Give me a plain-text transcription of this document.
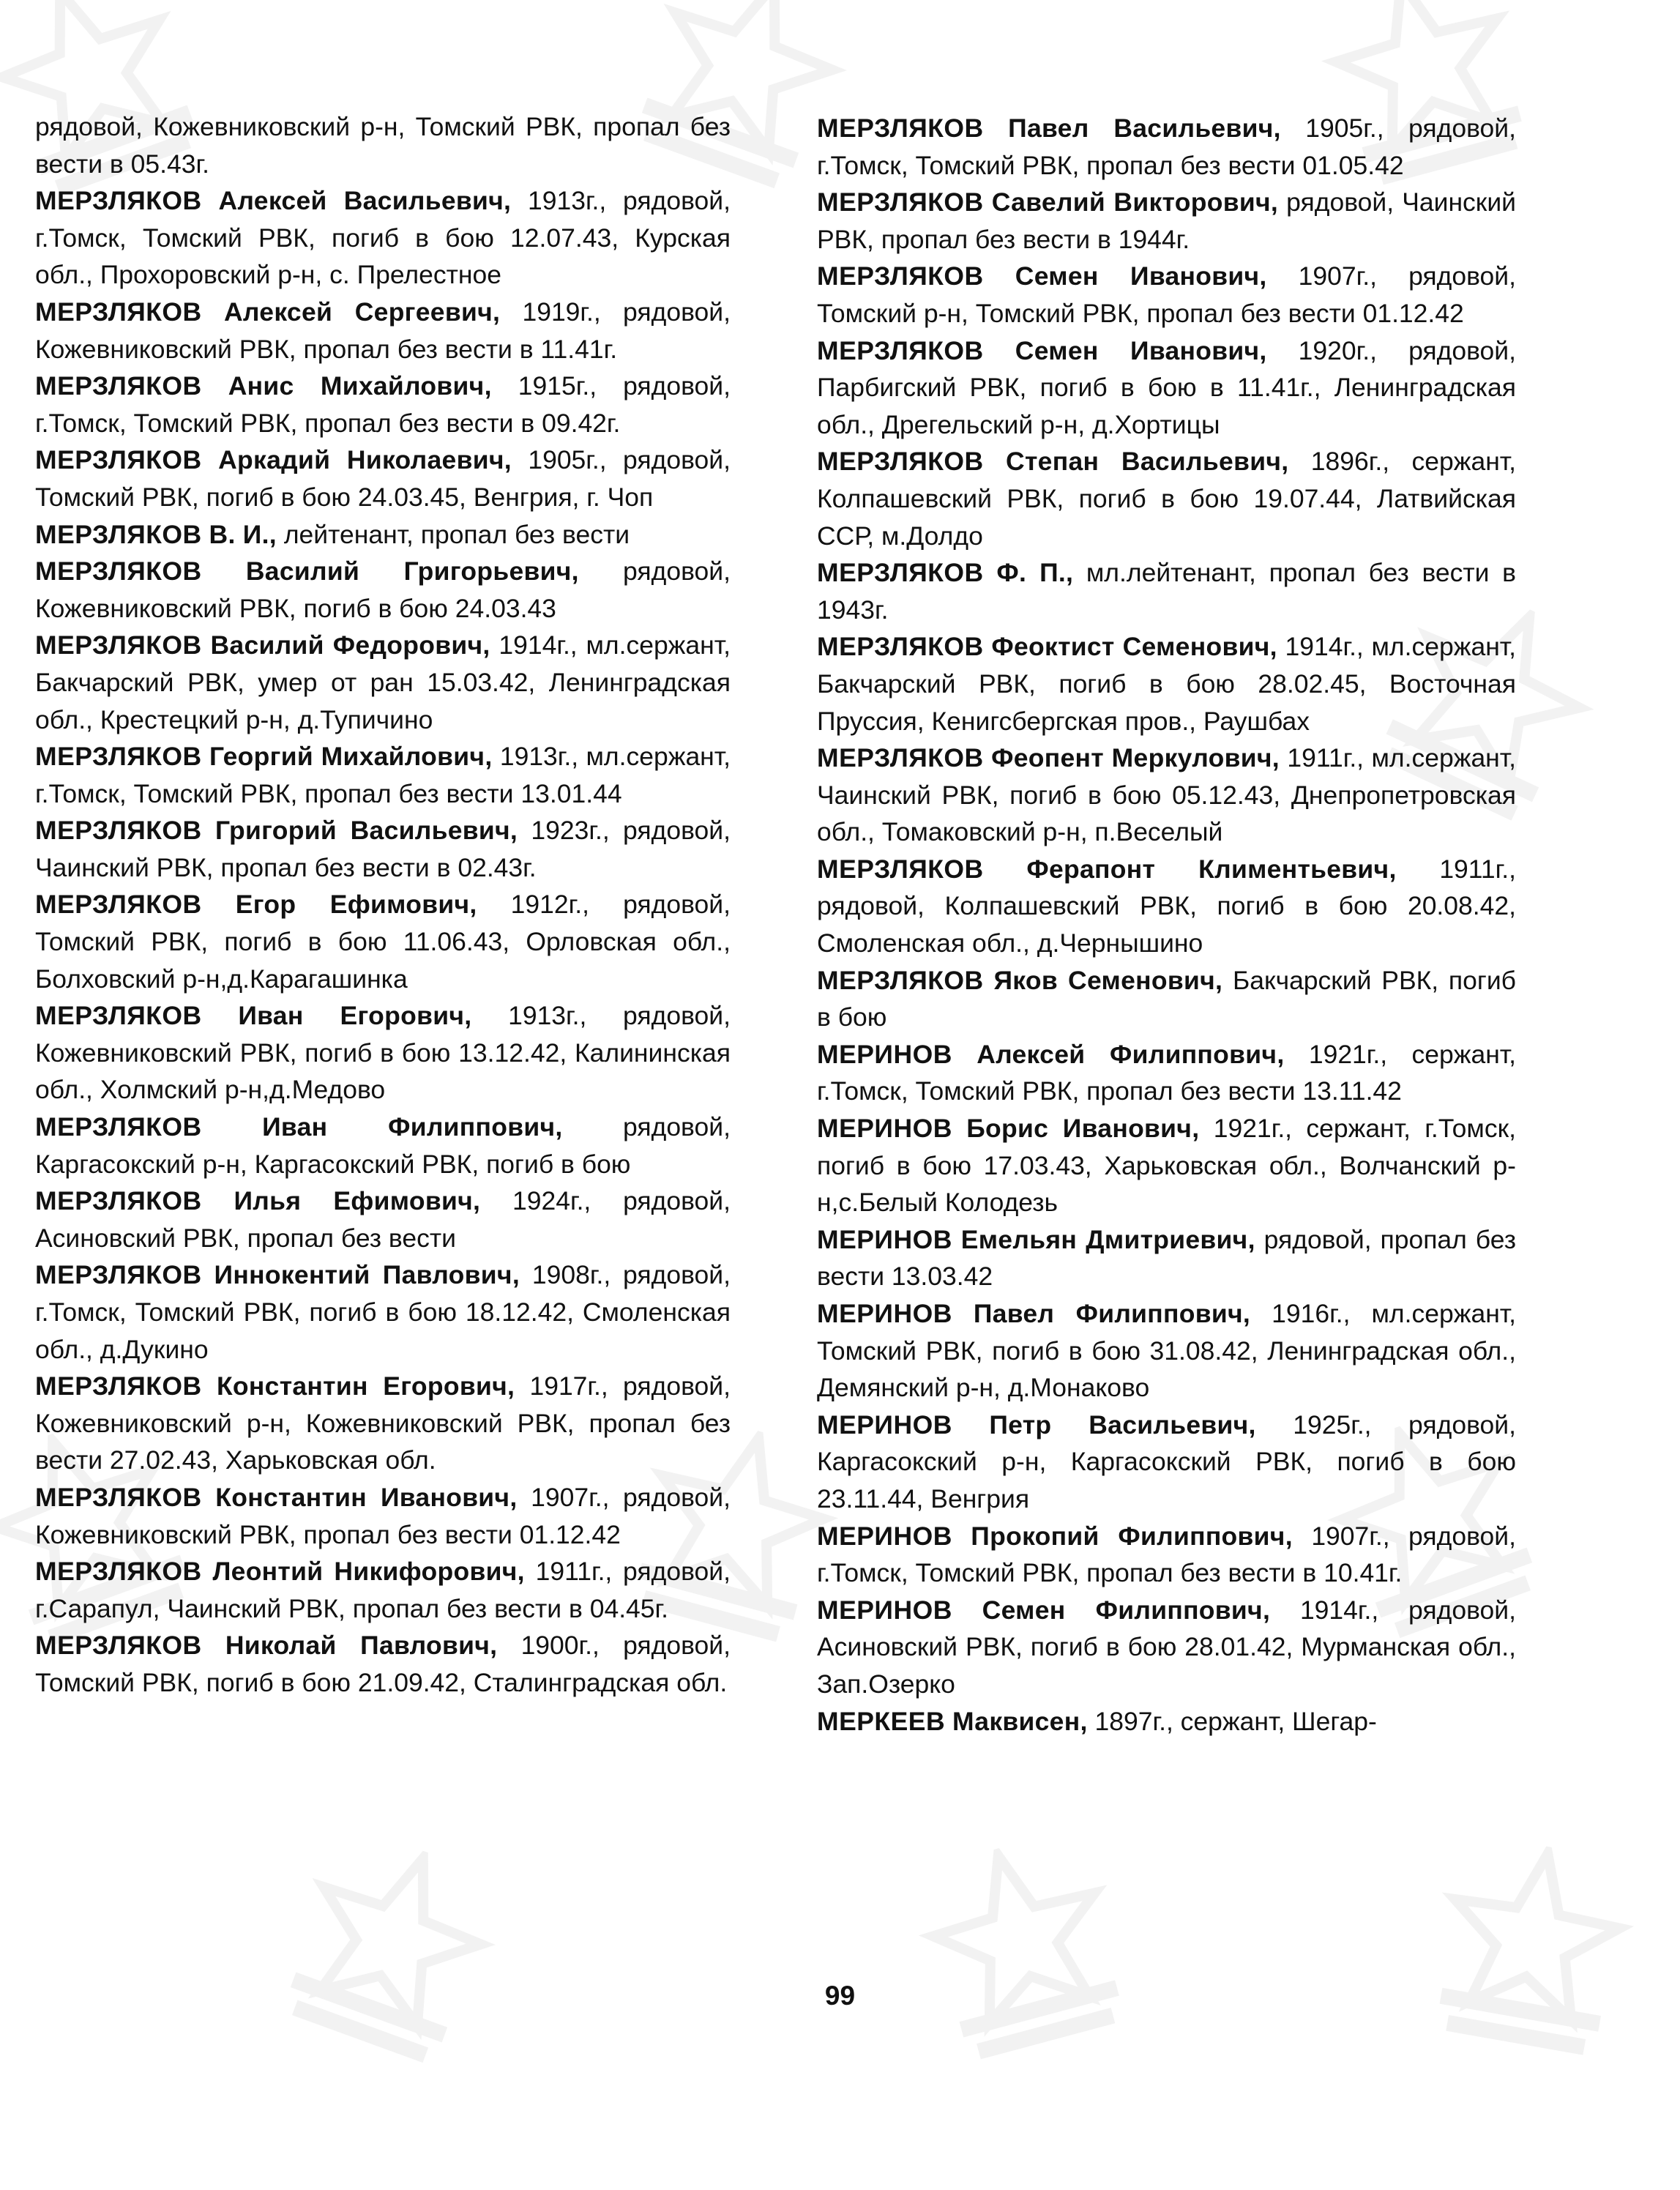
рядовой, Кожевниковский р-н, Томский РВК, пропал без вести в 05.43г.
МЕРЗЛЯКОВ Алексей Васильевич, 1913г., рядовой, г.Томск, Томский РВК, погиб в бою 12.07.43, Курская обл., Прохоровский р-н, с. Прелестное
МЕРЗЛЯКОВ Алексей Сергеевич, 1919г., рядовой, Кожевниковский РВК, пропал без вести в 11.41г.
МЕРЗЛЯКОВ Анис Михайлович, 1915г., рядовой, г.Томск, Томский РВК, пропал без вести в 09.42г.
МЕРЗЛЯКОВ Аркадий Николаевич, 1905г., рядовой, Томский РВК, погиб в бою 24.03.45, Венгрия, г. Чоп
МЕРЗЛЯКОВ В. И., лейтенант, пропал без вести
МЕРЗЛЯКОВ Василий Григорьевич, рядовой, Кожевниковский РВК, погиб в бою 24.03.43
МЕРЗЛЯКОВ Василий Федорович, 1914г., мл.сержант, Бакчарский РВК, умер от ран 15.03.42, Ленинградская обл., Крестецкий р-н, д.Тупичино
МЕРЗЛЯКОВ Георгий Михайлович, 1913г., мл.сержант, г.Томск, Томский РВК, пропал без вести 13.01.44
МЕРЗЛЯКОВ Григорий Васильевич, 1923г., рядовой, Чаинский РВК, пропал без вести в 02.43г.
МЕРЗЛЯКОВ Егор Ефимович, 1912г., рядовой, Томский РВК, погиб в бою 11.06.43, Орловская обл., Болховский р-н,д.Карагашинка
МЕРЗЛЯКОВ Иван Егорович, 1913г., рядовой, Кожевниковский РВК, погиб в бою 13.12.42, Калининская обл., Холмский р-н,д.Медово
МЕРЗЛЯКОВ Иван Филиппович, рядовой, Каргасокский р-н, Каргасокский РВК, погиб в бою
МЕРЗЛЯКОВ Илья Ефимович, 1924г., рядовой, Асиновский РВК, пропал без вести
МЕРЗЛЯКОВ Иннокентий Павлович, 1908г., рядовой, г.Томск, Томский РВК, погиб в бою 18.12.42, Смоленская обл., д.Дукино
МЕРЗЛЯКОВ Константин Егорович, 1917г., рядовой, Кожевниковский р-н, Кожевниковский РВК, пропал без вести 27.02.43, Харьковская обл.
МЕРЗЛЯКОВ Константин Иванович, 1907г., рядовой, Кожевниковский РВК, пропал без вести 01.12.42
МЕРЗЛЯКОВ Леонтий Никифорович, 1911г., рядовой, г.Сарапул, Чаинский РВК, пропал без вести в 04.45г.
МЕРЗЛЯКОВ Николай Павлович, 1900г., рядовой, Томский РВК, погиб в бою 21.09.42, Сталинградская обл.
МЕРЗЛЯКОВ Павел Васильевич, 1905г., рядовой, г.Томск, Томский РВК, пропал без вести 01.05.42
МЕРЗЛЯКОВ Савелий Викторович, рядовой, Чаинский РВК, пропал без вести в 1944г.
МЕРЗЛЯКОВ Семен Иванович, 1907г., рядовой, Томский р-н, Томский РВК, пропал без вести 01.12.42
МЕРЗЛЯКОВ Семен Иванович, 1920г., рядовой, Парбигский РВК, погиб в бою в 11.41г., Ленинградская обл., Дрегельский р-н, д.Хортицы
МЕРЗЛЯКОВ Степан Васильевич, 1896г., сержант, Колпашевский РВК, погиб в бою 19.07.44, Латвийская ССР, м.Долдо
МЕРЗЛЯКОВ Ф. П., мл.лейтенант, пропал без вести в 1943г.
МЕРЗЛЯКОВ Феоктист Семенович, 1914г., мл.сержант, Бакчарский РВК, погиб в бою 28.02.45, Восточная Пруссия, Кенигсбергская пров., Раушбах
МЕРЗЛЯКОВ Феопент Меркулович, 1911г., мл.сержант, Чаинский РВК, погиб в бою 05.12.43, Днепропетровская обл., Томаковский р-н, п.Веселый
МЕРЗЛЯКОВ Ферапонт Климентьевич, 1911г., рядовой, Колпашевский РВК, погиб в бою 20.08.42, Смоленская обл., д.Чернышино
МЕРЗЛЯКОВ Яков Семенович, Бакчарский РВК, погиб в бою
МЕРИНОВ Алексей Филиппович, 1921г., сержант, г.Томск, Томский РВК, пропал без вести 13.11.42
МЕРИНОВ Борис Иванович, 1921г., сержант, г.Томск, погиб в бою 17.03.43, Харьковская обл., Волчанский р-н,с.Белый Колодезь
МЕРИНОВ Емельян Дмитриевич, рядовой, пропал без вести 13.03.42
МЕРИНОВ Павел Филиппович, 1916г., мл.сержант, Томский РВК, погиб в бою 31.08.42, Ленинградская обл., Демянский р-н, д.Монаково
МЕРИНОВ Петр Васильевич, 1925г., рядовой, Каргасокский р-н, Каргасокский РВК, погиб в бою 23.11.44, Венгрия
МЕРИНОВ Прокопий Филиппович, 1907г., рядовой, г.Томск, Томский РВК, пропал без вести в 10.41г.
МЕРИНОВ Семен Филиппович, 1914г., рядовой, Асиновский РВК, погиб в бою 28.01.42, Мурманская обл., Зап.Озерко
МЕРКЕЕВ Маквисен, 1897г., сержант, Шегар-
99
